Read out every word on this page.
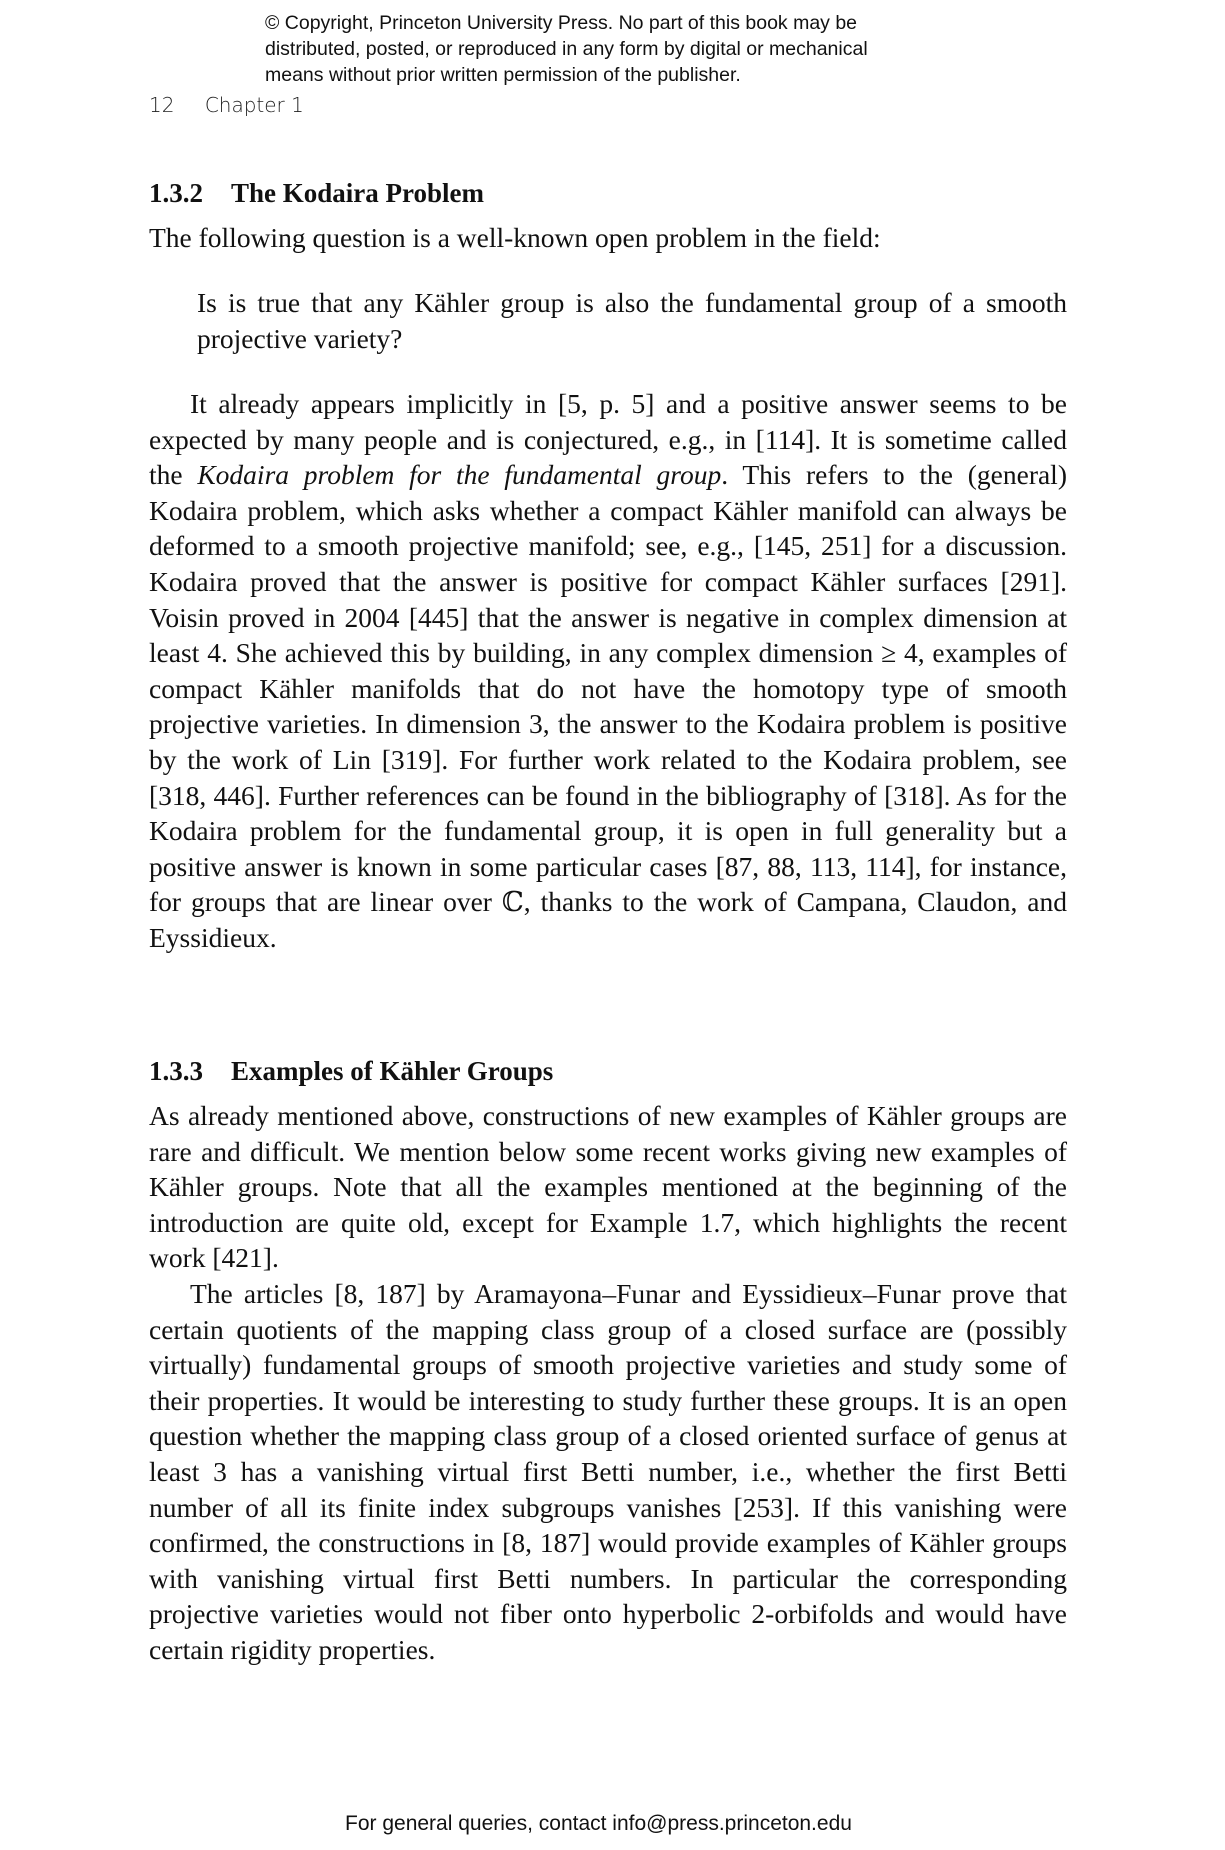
© Copyright, Princeton University Press. No part of this book may be
distributed, posted, or reproduced in any form by digital or mechanical
means without prior written permission of the publisher.
12 Chapter 1
1.3.2 The Kodaira Problem

The following question is a well-known open problem in the field:

Is is true that any Kähler group is also the fundamental group of a smooth projective variety?

It already appears implicitly in [5, p. 5] and a positive answer seems to be expected by many people and is conjectured, e.g., in [114]. It is sometime called the Kodaira problem for the fundamental group. This refers to the (general) Kodaira problem, which asks whether a compact Kähler manifold can always be deformed to a smooth projective manifold; see, e.g., [145, 251] for a discussion. Kodaira proved that the answer is positive for compact Kähler surfaces [291]. Voisin proved in 2004 [445] that the answer is negative in complex dimension at least 4. She achieved this by building, in any complex dimension ≥ 4, examples of compact Kähler manifolds that do not have the homotopy type of smooth projective varieties. In dimension 3, the answer to the Kodaira problem is positive by the work of Lin [319]. For further work related to the Kodaira problem, see [318, 446]. Further references can be found in the bibliography of [318]. As for the Kodaira problem for the fundamental group, it is open in full generality but a positive answer is known in some particular cases [87, 88, 113, 114], for instance, for groups that are linear over ℂ, thanks to the work of Campana, Claudon, and Eyssidieux.

1.3.3 Examples of Kähler Groups

As already mentioned above, constructions of new examples of Kähler groups are rare and difficult. We mention below some recent works giving new examples of Kähler groups. Note that all the examples mentioned at the beginning of the introduction are quite old, except for Example 1.7, which highlights the recent work [421].

The articles [8, 187] by Aramayona–Funar and Eyssidieux–Funar prove that certain quotients of the mapping class group of a closed surface are (possibly virtually) fundamental groups of smooth projective varieties and study some of their properties. It would be interesting to study further these groups. It is an open question whether the mapping class group of a closed oriented surface of genus at least 3 has a vanishing virtual first Betti number, i.e., whether the first Betti number of all its finite index subgroups vanishes [253]. If this vanishing were confirmed, the constructions in [8, 187] would provide examples of Kähler groups with vanishing virtual first Betti numbers. In particular the corresponding projective varieties would not fiber onto hyperbolic 2-orbifolds and would have certain rigidity properties.

For general queries, contact info@press.princeton.edu
